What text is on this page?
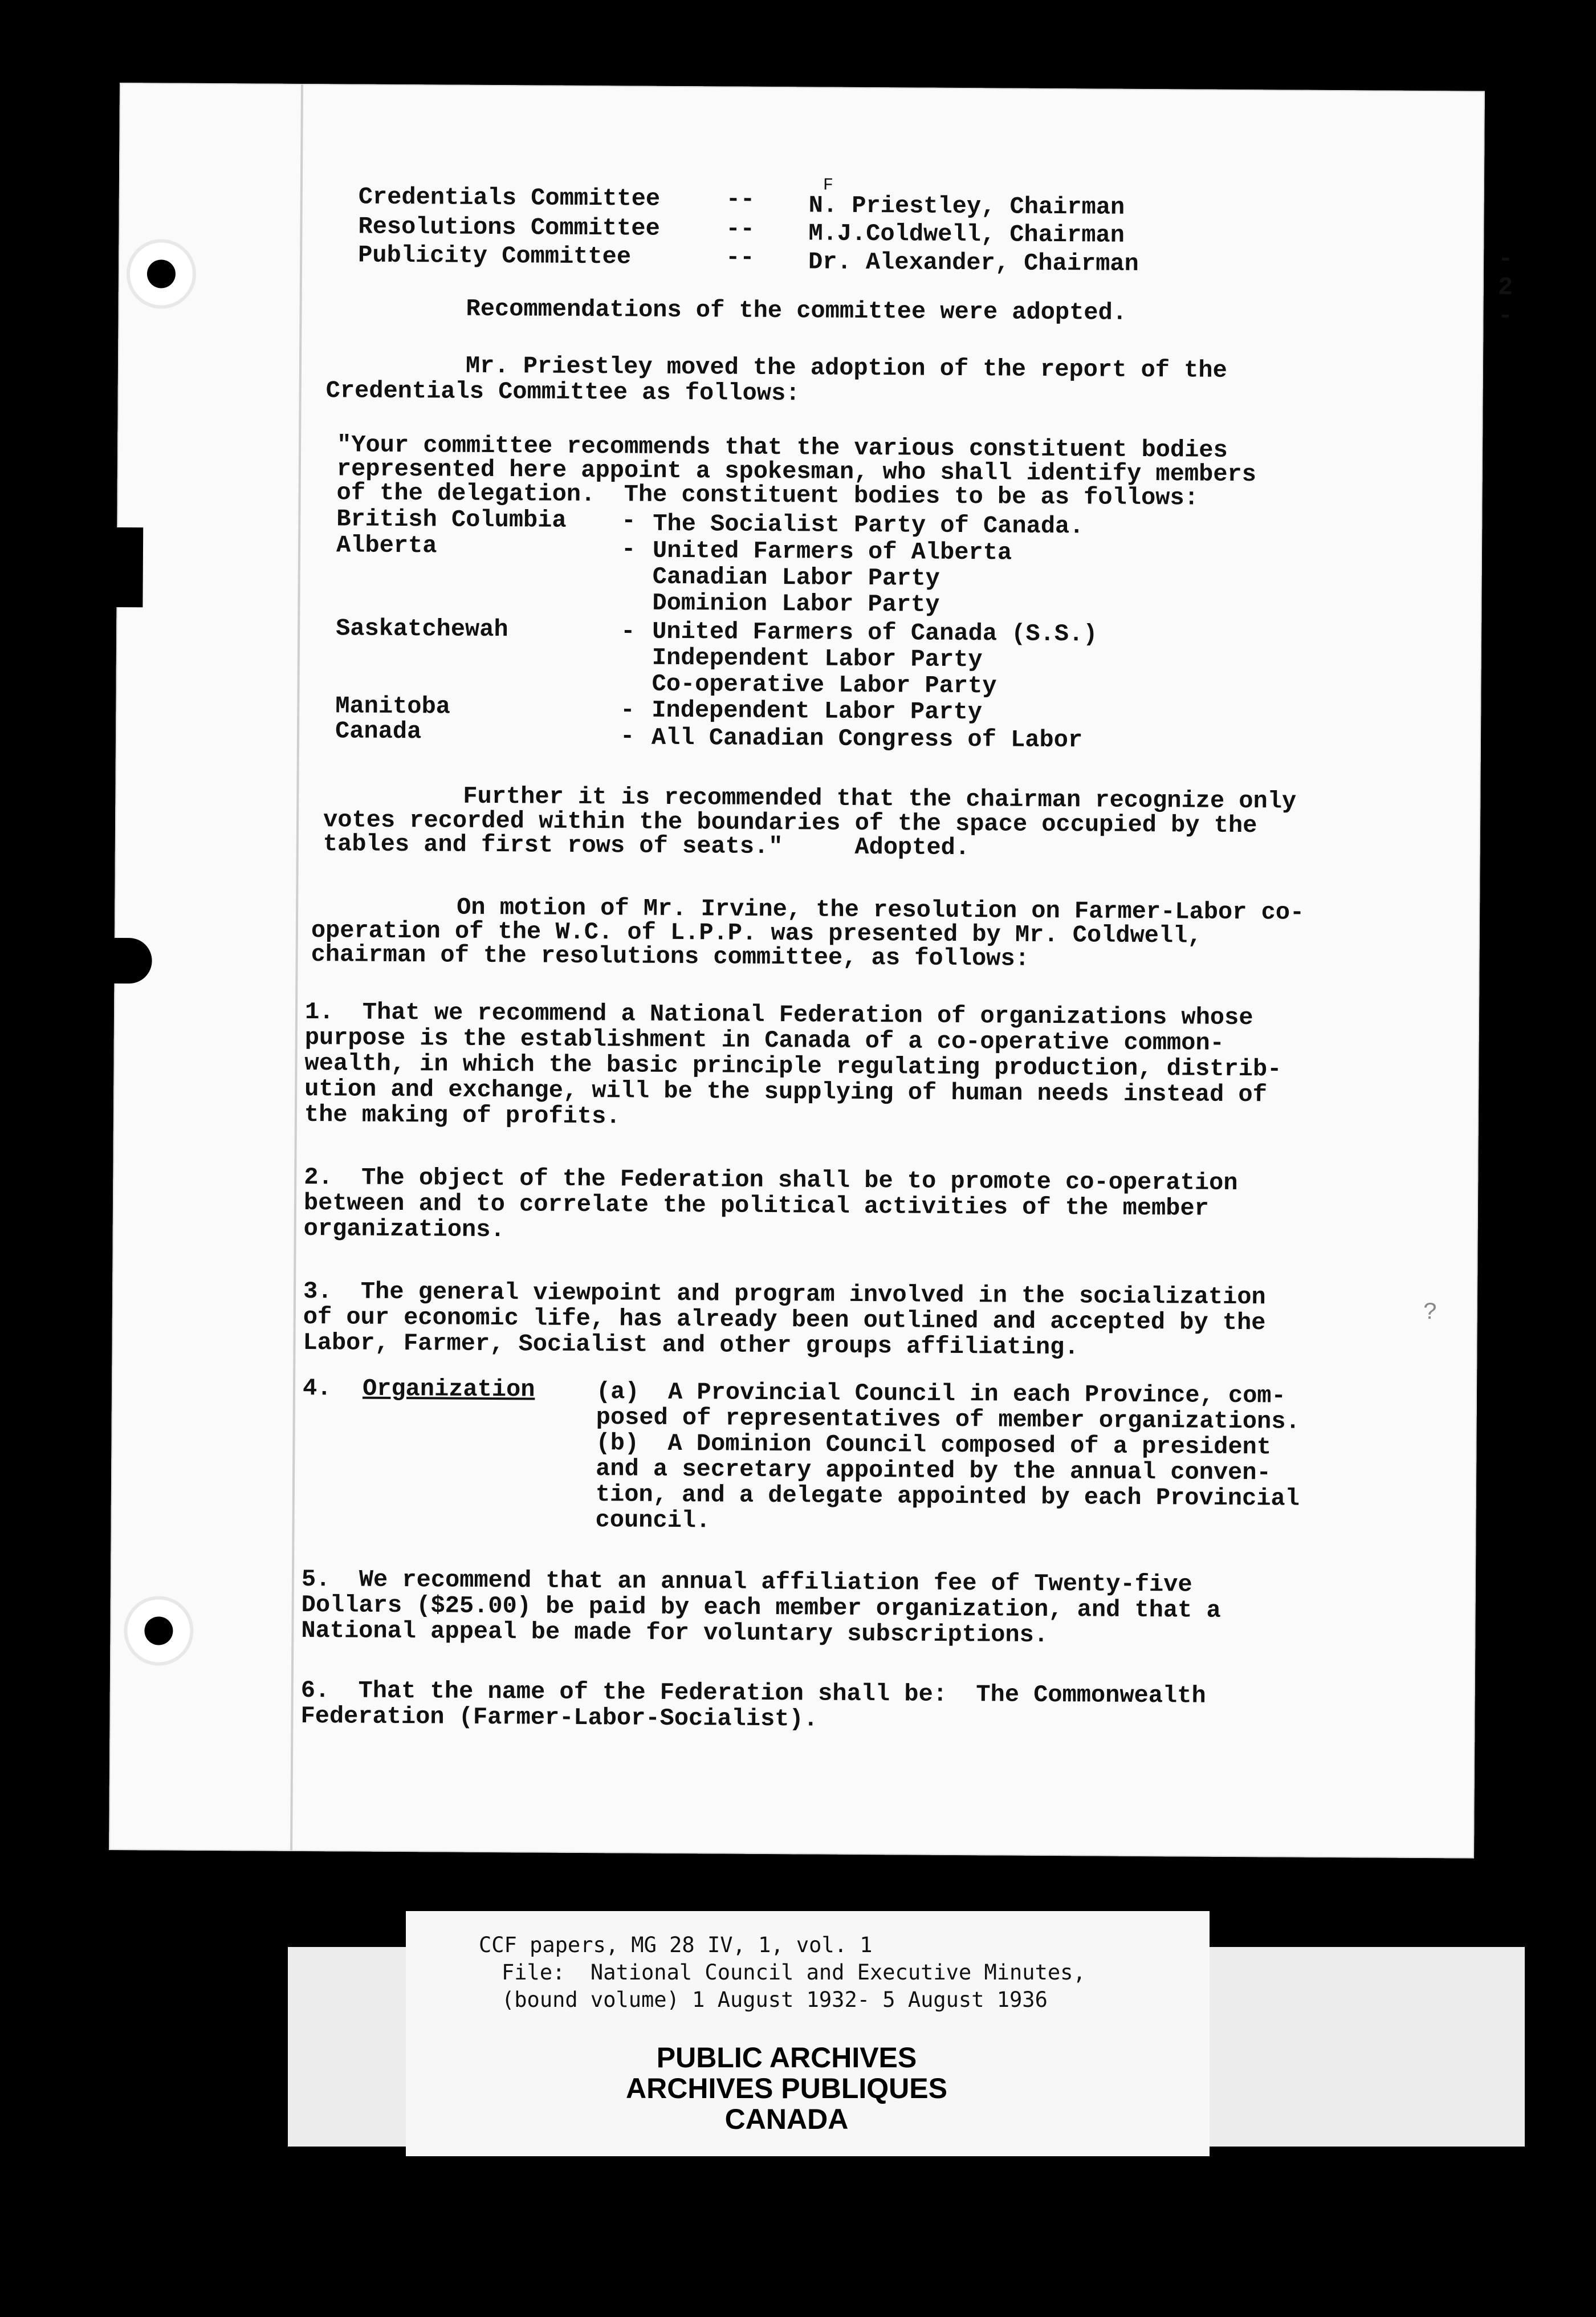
- 2 -
Credentials Committee	-- N. Priestley, Chairman
F
Resolutions Committee	-- M.J.Coldwell, Chairman
Publicity Committee	-- Dr. Alexander, Chairman
Recommendations of the committee were adopted.
Mr. Priestley moved the adoption of the report of the
Credentials Committee as follows:
"Your committee recommends that the various constituent bodies
represented here appoint a spokesman, who shall identify members
of the delegation.  The constituent bodies to be as follows:
British Columbia - The Socialist Party of Canada.
Alberta	- United Farmers of Alberta
Canadian Labor Party
Dominion Labor Party
Saskatchewah	- United Farmers of Canada (S.S.)
Independent Labor Party
Co-operative Labor Party
Manitoba	- Independent Labor Party
Canada	- All Canadian Congress of Labor
Further it is recommended that the chairman recognize only
votes recorded within the boundaries of the space occupied by the
tables and first rows of seats."     Adopted.
On motion of Mr. Irvine, the resolution on Farmer-Labor co-
operation of the W.C. of L.P.P. was presented by Mr. Coldwell,
chairman of the resolutions committee, as follows:
1.  That we recommend a National Federation of organizations whose
purpose is the establishment in Canada of a co-operative common-
wealth, in which the basic principle regulating production, distrib-
ution and exchange, will be the supplying of human needs instead of
the making of profits.
2.  The object of the Federation shall be to promote co-operation
between and to correlate the political activities of the member
organizations.
3.  The general viewpoint and program involved in the socialization
of our economic life, has already been outlined and accepted by the
Labor, Farmer, Socialist and other groups affiliating.
?
4. Organization	(a)  A Provincial Council in each Province, com-
posed of representatives of member organizations.
(b)  A Dominion Council composed of a president
and a secretary appointed by the annual conven-
tion, and a delegate appointed by each Provincial
council.
5.  We recommend that an annual affiliation fee of Twenty-five
Dollars ($25.00) be paid by each member organization, and that a
National appeal be made for voluntary subscriptions.
6.  That the name of the Federation shall be:  The Commonwealth
Federation (Farmer-Labor-Socialist).
CCF papers, MG 28 IV, 1, vol. 1
File:  National Council and Executive Minutes,
(bound volume) 1 August 1932- 5 August 1936
PUBLIC ARCHIVES
ARCHIVES PUBLIQUES
CANADA
